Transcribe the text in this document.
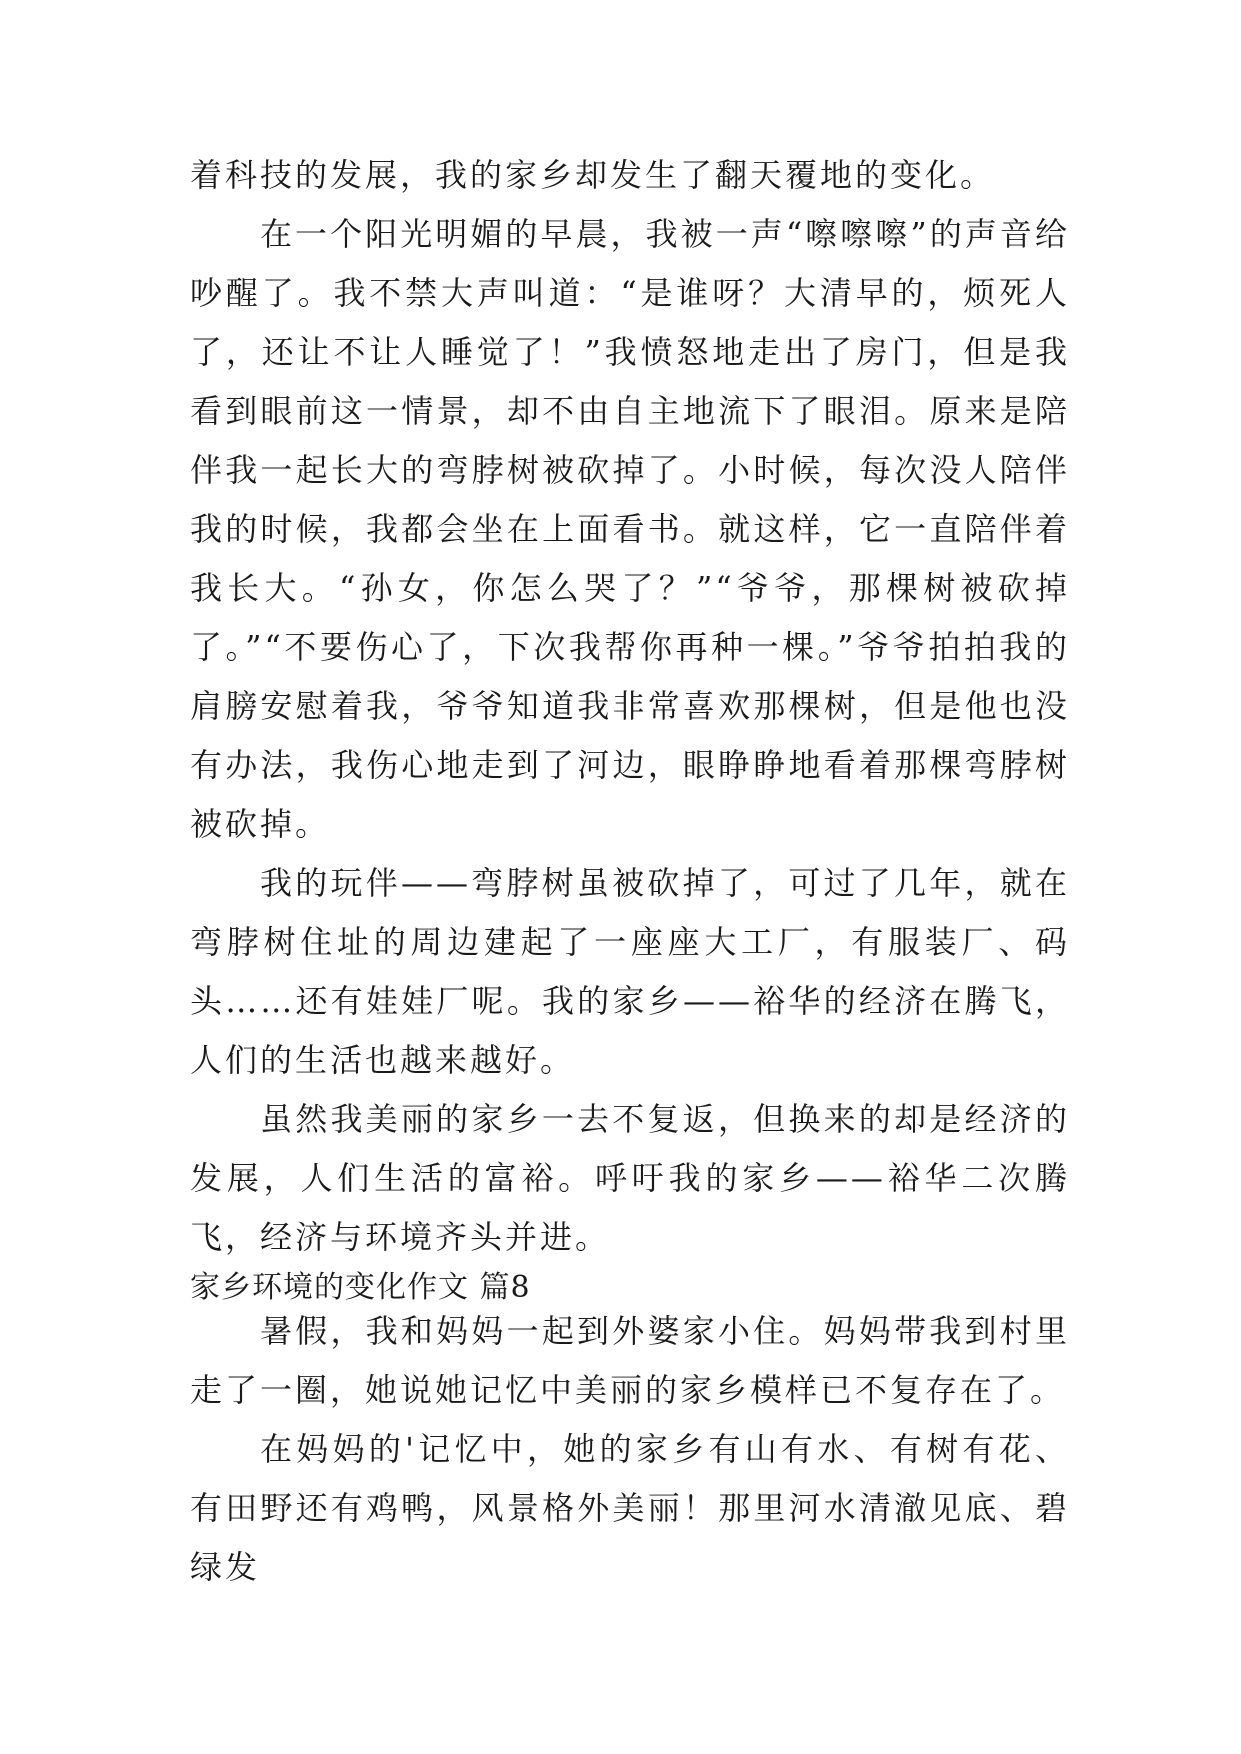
着科技的发展，我的家乡却发生了翻天覆地的变化。

在一个阳光明媚的早晨，我被一声“嚓嚓嚓”的声音给吵醒了。我不禁大声叫道：“是谁呀？大清早的，烦死人了，还让不让人睡觉了！”我愤怒地走出了房门，但是我看到眼前这一情景，却不由自主地流下了眼泪。原来是陪伴我一起长大的弯脖树被砍掉了。小时候，每次没人陪伴我的时候，我都会坐在上面看书。就这样，它一直陪伴着我长大。“孙女，你怎么哭了？”“爷爷，那棵树被砍掉了。”“不要伤心了，下次我帮你再种一棵。”爷爷拍拍我的肩膀安慰着我，爷爷知道我非常喜欢那棵树，但是他也没有办法，我伤心地走到了河边，眼睁睁地看着那棵弯脖树被砍掉。

我的玩伴——弯脖树虽被砍掉了，可过了几年，就在弯脖树住址的周边建起了一座座大工厂，有服装厂、码头……还有娃娃厂呢。我的家乡——裕华的经济在腾飞，人们的生活也越来越好。

虽然我美丽的家乡一去不复返，但换来的却是经济的发展，人们生活的富裕。呼吁我的家乡——裕华二次腾飞，经济与环境齐头并进。

家乡环境的变化作文 篇8

暑假，我和妈妈一起到外婆家小住。妈妈带我到村里走了一圈，她说她记忆中美丽的家乡模样已不复存在了。

在妈妈的'记忆中，她的家乡有山有水、有树有花、有田野还有鸡鸭，风景格外美丽！那里河水清澈见底、碧绿发
